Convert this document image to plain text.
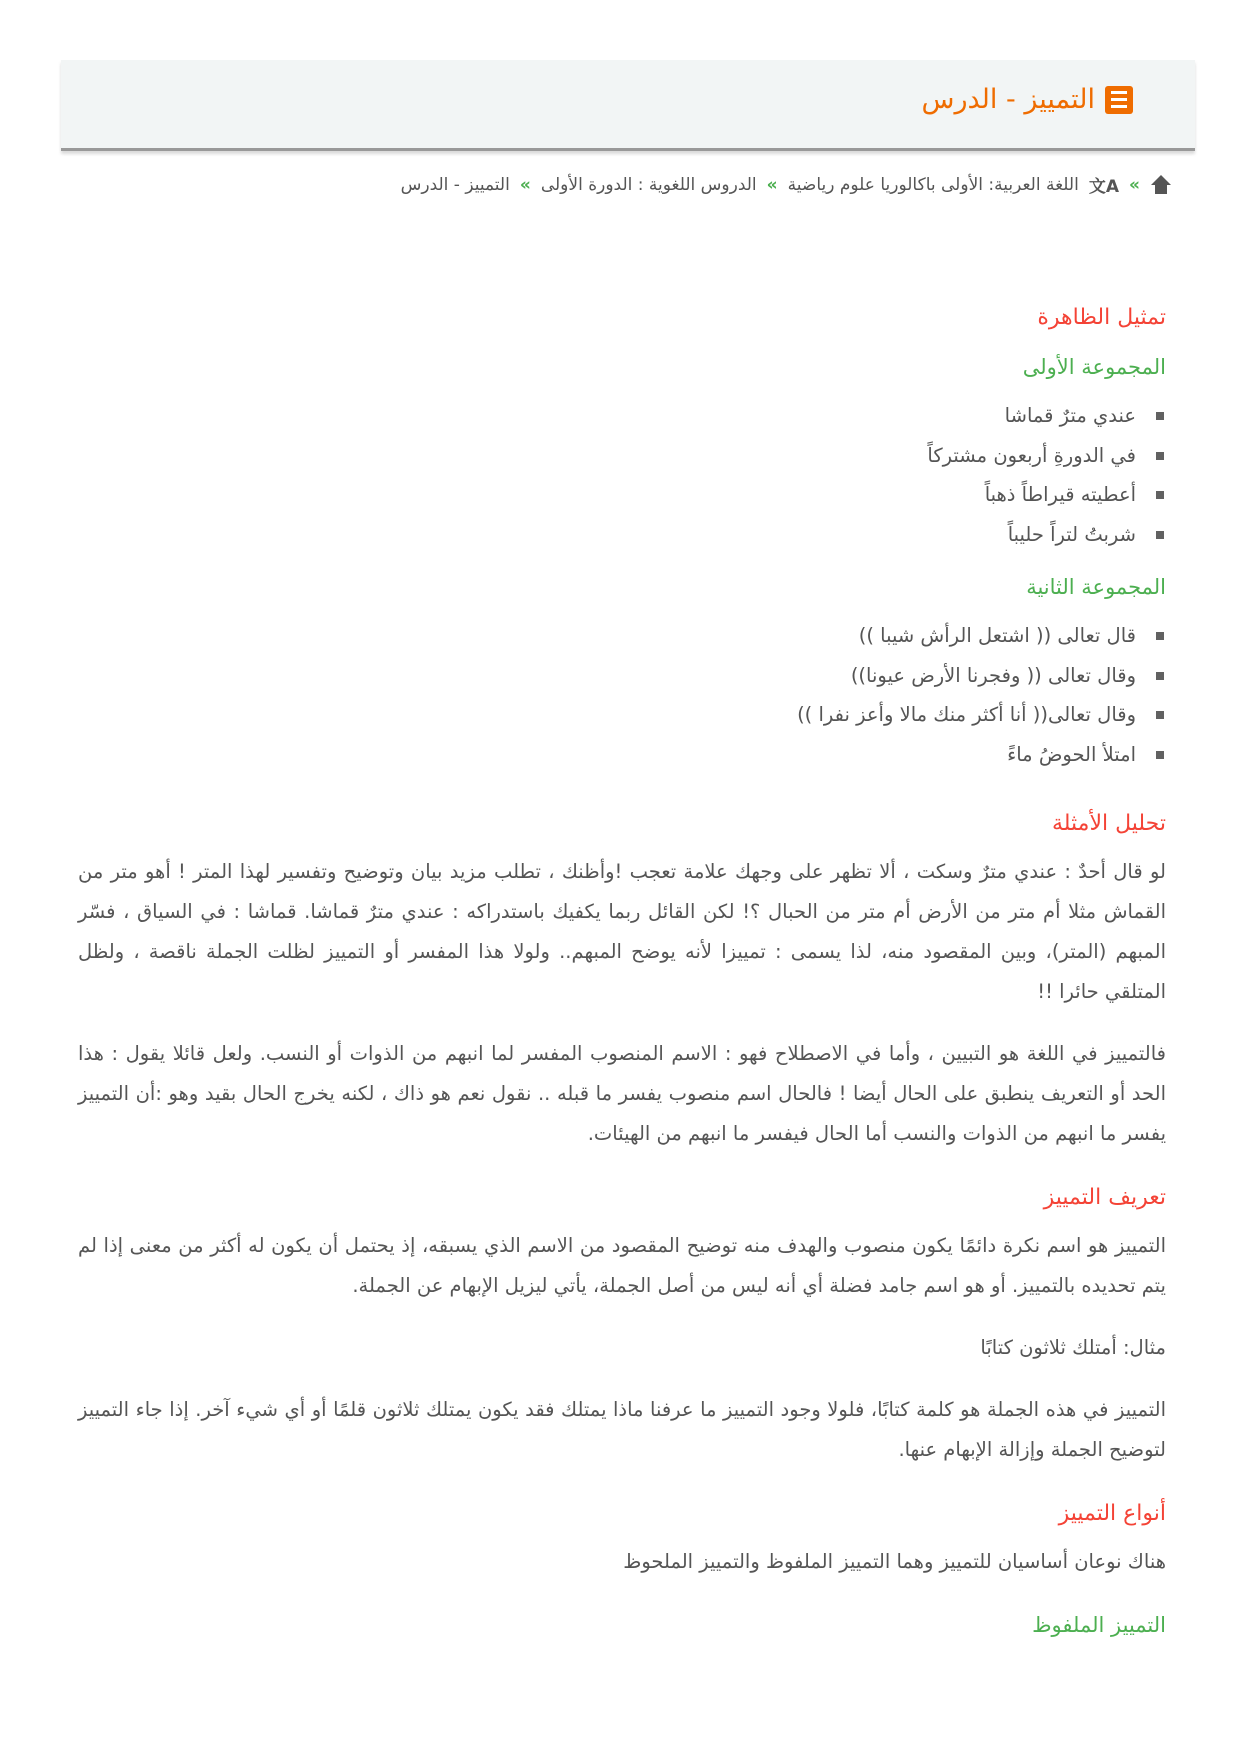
التمييز - الدرس
»
文A
اللغة العربية: الأولى باكالوريا علوم رياضية
»
الدروس اللغوية : الدورة الأولى
»
التمييز - الدرس
تمثيل الظاهرة
المجموعة الأولى
عندي مترٌ قماشا
في الدورةِ أربعون مشتركاً
أعطيته قيراطاً ذهباً
شربتُ لتراً حليباً
المجموعة الثانية
قال تعالى (( اشتعل الرأش شيبا ))
وقال تعالى (( وفجرنا الأرض عيونا))
وقال تعالى(( أنا أكثر منك مالا وأعز نفرا ))
امتلأ الحوضُ ماءً
تحليل الأمثلة

لو قال أحدٌ : عندي مترٌ وسكت ، ألا تظهر على وجهك علامة تعجب !وأظنك ، تطلب مزيد بيان وتوضيح وتفسير لهذا المتر ! أهو متر من القماش مثلا أم متر من الأرض أم متر من الحبال ؟! لكن القائل ربما يكفيك باستدراكه : عندي مترٌ قماشا. قماشا : في السياق ، فسّر المبهم (المتر)، وبين المقصود منه، لذا يسمى : تمييزا لأنه يوضح المبهم.. ولولا هذا المفسر أو التمييز لظلت الجملة ناقصة ، ولظل المتلقي حائرا !!

فالتمييز في اللغة هو التبيين ، وأما في الاصطلاح فهو : الاسم المنصوب المفسر لما انبهم من الذوات أو النسب. ولعل قائلا يقول : هذا الحد أو التعريف ينطبق على الحال أيضا ! فالحال اسم منصوب يفسر ما قبله .. نقول نعم هو ذاك ، لكنه يخرج الحال بقيد وهو :أن التمييز يفسر ما انبهم من الذوات والنسب أما الحال فيفسر ما انبهم من الهيئات.

تعريف التمييز

التمييز هو اسم نكرة دائمًا يكون منصوب والهدف منه توضيح المقصود من الاسم الذي يسبقه، إذ يحتمل أن يكون له أكثر من معنى إذا لم يتم تحديده بالتمييز. أو هو اسم جامد فضلة أي أنه ليس من أصل الجملة، يأتي ليزيل الإبهام عن الجملة.

مثال: أمتلك ثلاثون كتابًا

التمييز في هذه الجملة هو كلمة كتابًا، فلولا وجود التمييز ما عرفنا ماذا يمتلك فقد يكون يمتلك ثلاثون قلمًا أو أي شيء آخر. إذا جاء التمييز لتوضيح الجملة وإزالة الإبهام عنها.

أنواع التمييز

هناك نوعان أساسيان للتمييز وهما التمييز الملفوظ والتمييز الملحوظ

التمييز الملفوظ
